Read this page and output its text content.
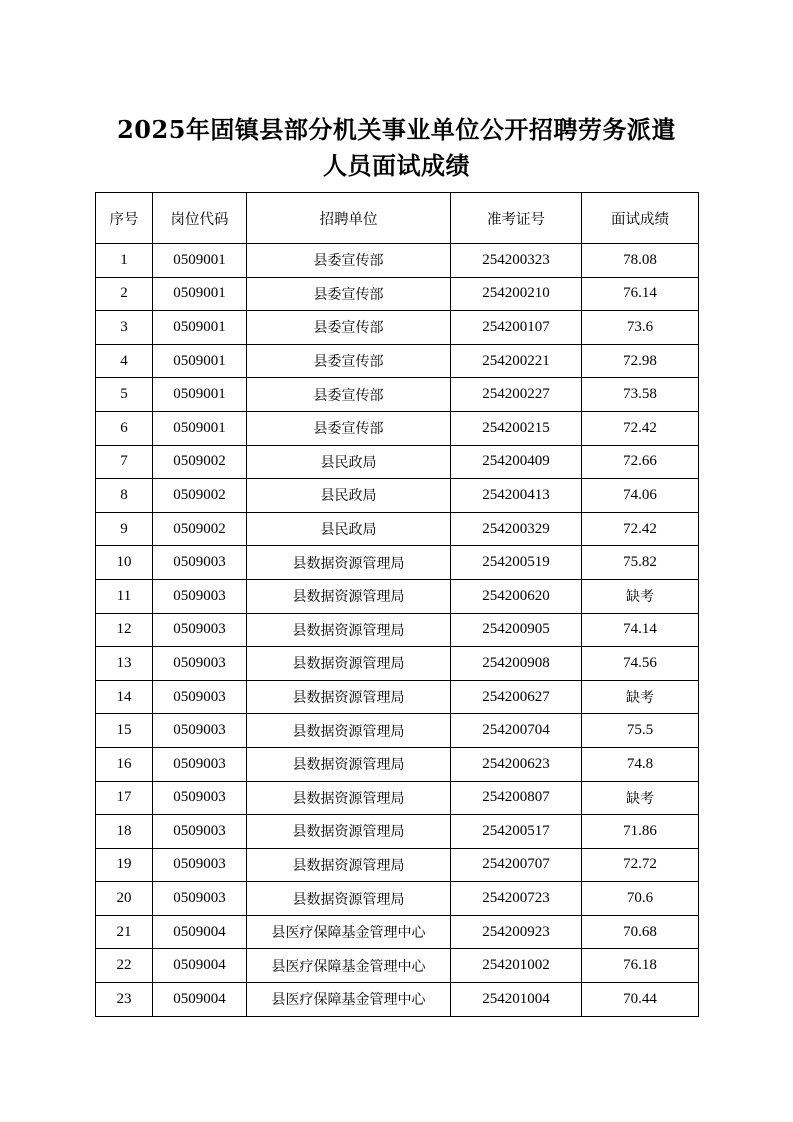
2025年固镇县部分机关事业单位公开招聘劳务派遣
人员面试成绩
序号	岗位代码	招聘单位	准考证号	面试成绩
1	0509001	县委宣传部	254200323	78.08
2	0509001	县委宣传部	254200210	76.14
3	0509001	县委宣传部	254200107	73.6
4	0509001	县委宣传部	254200221	72.98
5	0509001	县委宣传部	254200227	73.58
6	0509001	县委宣传部	254200215	72.42
7	0509002	县民政局	254200409	72.66
8	0509002	县民政局	254200413	74.06
9	0509002	县民政局	254200329	72.42
10	0509003	县数据资源管理局	254200519	75.82
11	0509003	县数据资源管理局	254200620	缺考
12	0509003	县数据资源管理局	254200905	74.14
13	0509003	县数据资源管理局	254200908	74.56
14	0509003	县数据资源管理局	254200627	缺考
15	0509003	县数据资源管理局	254200704	75.5
16	0509003	县数据资源管理局	254200623	74.8
17	0509003	县数据资源管理局	254200807	缺考
18	0509003	县数据资源管理局	254200517	71.86
19	0509003	县数据资源管理局	254200707	72.72
20	0509003	县数据资源管理局	254200723	70.6
21	0509004	县医疗保障基金管理中心	254200923	70.68
22	0509004	县医疗保障基金管理中心	254201002	76.18
23	0509004	县医疗保障基金管理中心	254201004	70.44
